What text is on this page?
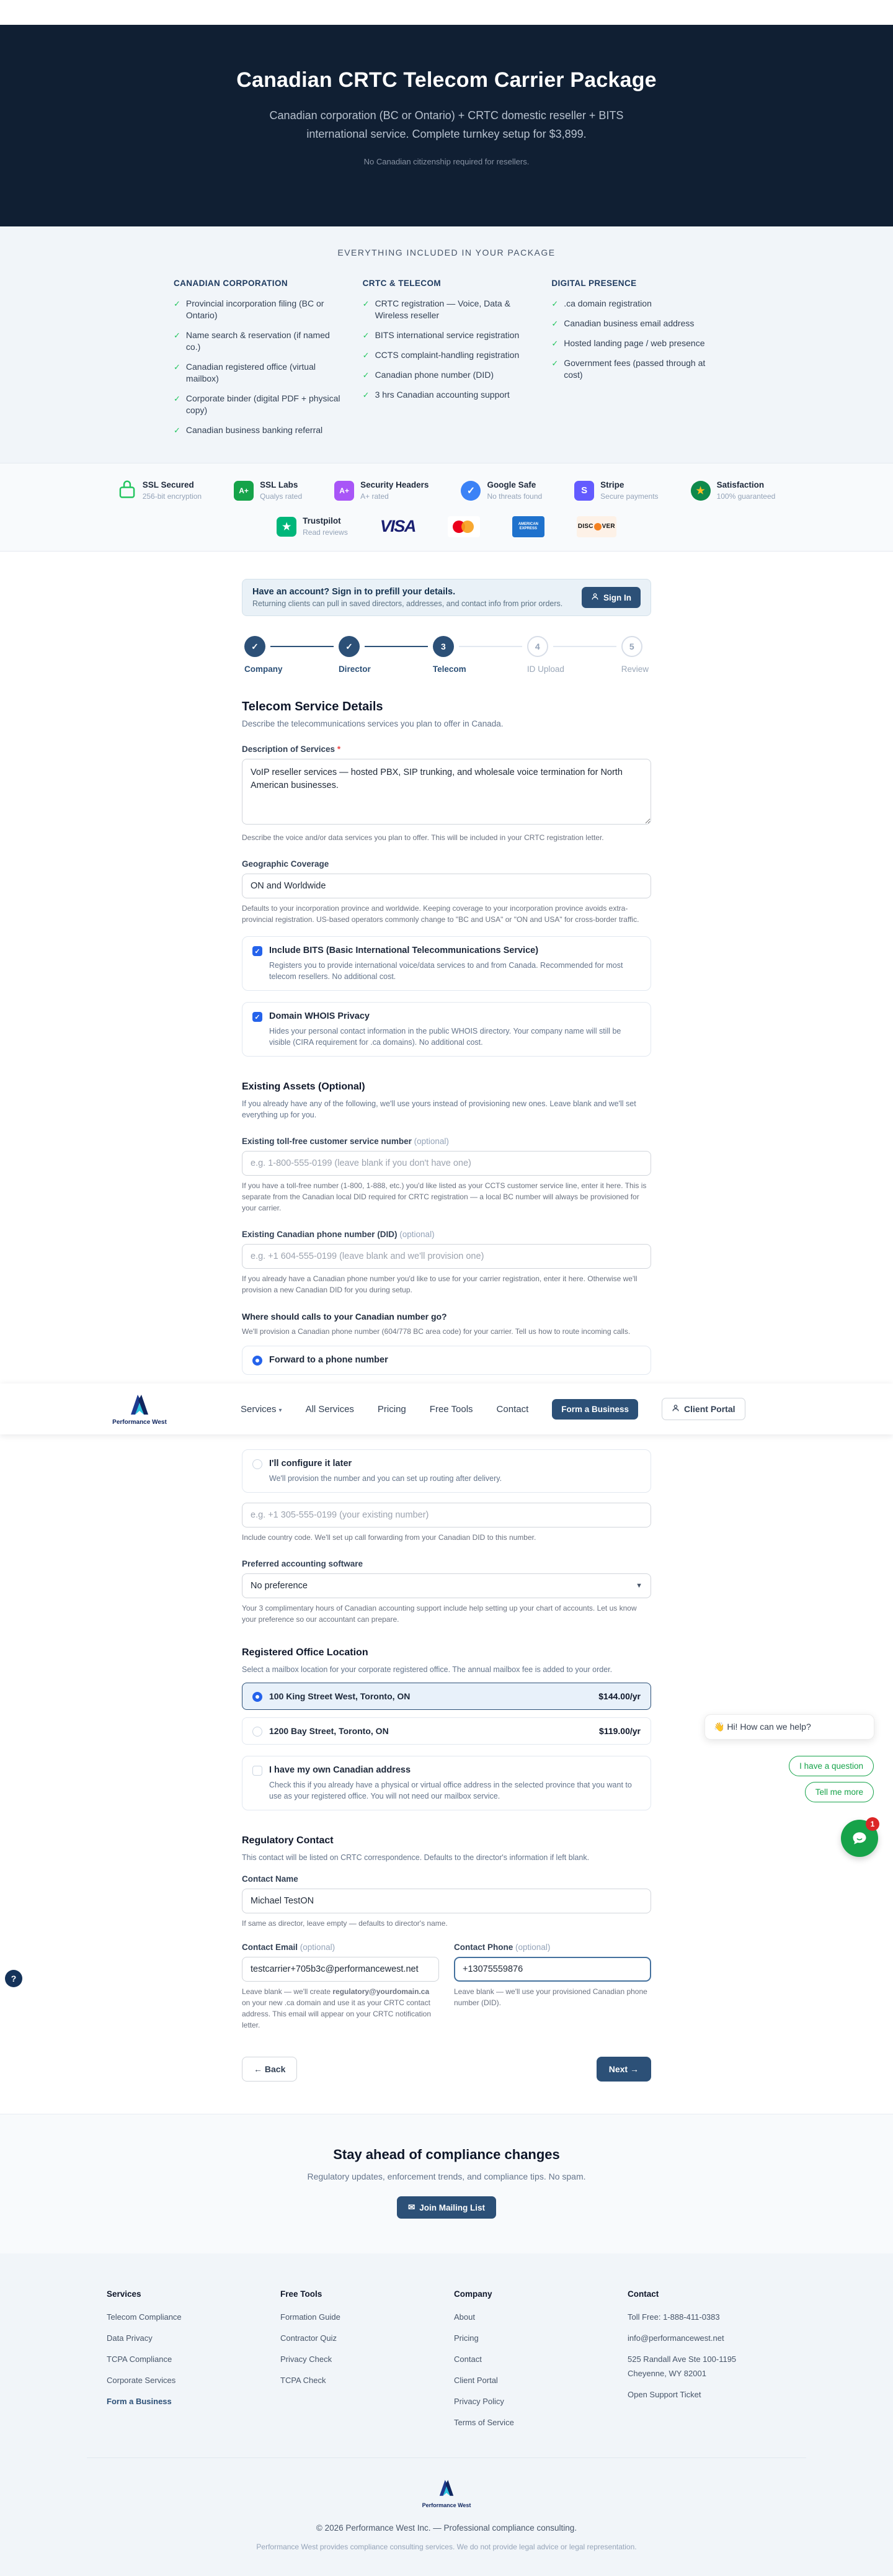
Canadian CRTC Telecom Carrier Package

Canadian corporation (BC or Ontario) + CRTC domestic reseller + BITS international service. Complete turnkey setup for $3,899.

No Canadian citizenship required for resellers.

EVERYTHING INCLUDED IN YOUR PACKAGE
CANADIAN CORPORATION
✓ Provincial incorporation filing (BC or Ontario)
✓ Name search & reservation (if named co.)
✓ Canadian registered office (virtual mailbox)
✓ Corporate binder (digital PDF + physical copy)
✓ Canadian business banking referral
CRTC & TELECOM
✓ CRTC registration — Voice, Data & Wireless reseller
✓ BITS international service registration
✓ CCTS complaint-handling registration
✓ Canadian phone number (DID)
✓ 3 hrs Canadian accounting support
DIGITAL PRESENCE
✓ .ca domain registration
✓ Canadian business email address
✓ Hosted landing page / web presence
✓ Government fees (passed through at cost)
SSL Secured
256-bit encryption
A+
SSL Labs
Qualys rated
A+
Security Headers
A+ rated
✓
Google Safe
No threats found
S
Stripe
Secure payments
★
Satisfaction
100% guaranteed
★
Trustpilot
Read reviews VISA	AMERICAN EXPRESS	DISC VER
Have an account? Sign in to prefill your details.
Returning clients can pull in saved directors, addresses, and contact info from prior orders.
Sign In
✓
Company
✓
Director
3
Telecom
4
ID Upload
5
Review
Telecom Service Details

Describe the telecommunications services you plan to offer in Canada.

Description of Services *
VoIP reseller services — hosted PBX, SIP trunking, and wholesale voice termination for North American businesses.
Describe the voice and/or data services you plan to offer. This will be included in your CRTC registration letter.
Geographic Coverage
ON and Worldwide
Defaults to your incorporation province and worldwide. Keeping coverage to your incorporation province avoids extra-provincial registration. US-based operators commonly change to "BC and USA" or "ON and USA" for cross-border traffic.
✓ Include BITS (Basic International Telecommunications Service)
Registers you to provide international voice/data services to and from Canada. Recommended for most telecom resellers. No additional cost.
✓ Domain WHOIS Privacy
Hides your personal contact information in the public WHOIS directory. Your company name will still be visible (CIRA requirement for .ca domains). No additional cost.
Existing Assets (Optional)

If you already have any of the following, we'll use yours instead of provisioning new ones. Leave blank and we'll set everything up for you.

Existing toll-free customer service number (optional)
e.g. 1-800-555-0199 (leave blank if you don't have one)
If you have a toll-free number (1-800, 1-888, etc.) you'd like listed as your CCTS customer service line, enter it here. This is separate from the Canadian local DID required for CRTC registration — a local BC number will always be provisioned for your carrier.
Existing Canadian phone number (DID) (optional)
e.g. +1 604-555-0199 (leave blank and we'll provision one)
If you already have a Canadian phone number you'd like to use for your carrier registration, enter it here. Otherwise we'll provision a new Canadian DID for you during setup.
Where should calls to your Canadian number go?
We'll provision a Canadian phone number (604/778 BC area code) for your carrier. Tell us how to route incoming calls.
Forward to a phone number
Performance West
Services ▾	All Services	Pricing	Free Tools	Contact	Form a Business	Client Portal
I'll configure it later
We'll provision the number and you can set up routing after delivery.
e.g. +1 305-555-0199 (your existing number)
Include country code. We'll set up call forwarding from your Canadian DID to this number.
Preferred accounting software
No preference	▼
Your 3 complimentary hours of Canadian accounting support include help setting up your chart of accounts. Let us know your preference so our accountant can prepare.
Registered Office Location

Select a mailbox location for your corporate registered office. The annual mailbox fee is added to your order.

100 King Street West, Toronto, ON	$144.00/yr
1200 Bay Street, Toronto, ON	$119.00/yr
I have my own Canadian address
Check this if you already have a physical or virtual office address in the selected province that you want to use as your registered office. You will not need our mailbox service.
Regulatory Contact

This contact will be listed on CRTC correspondence. Defaults to the director's information if left blank.

Contact Name
Michael TestON
If same as director, leave empty — defaults to director's name.
Contact Email (optional)
testcarrier+705b3c@performancewest.net
Leave blank — we'll create regulatory@yourdomain.ca on your new .ca domain and use it as your CRTC contact address. This email will appear on your CRTC notification letter.
Contact Phone (optional)
+13075559876
Leave blank — we'll use your provisioned Canadian phone number (DID).
← Back	Next →
Stay ahead of compliance changes

Regulatory updates, enforcement trends, and compliance tips. No spam.

✉ Join Mailing List
Services
Telecom Compliance
Data Privacy
TCPA Compliance
Corporate Services
Form a Business
Free Tools
Formation Guide
Contractor Quiz
Privacy Check
TCPA Check
Company
About
Pricing
Contact
Client Portal
Privacy Policy
Terms of Service
Contact
Toll Free: 1-888-411-0383
info@performancewest.net
525 Randall Ave Ste 100-1195
Cheyenne, WY 82001
Open Support Ticket
Performance West
© 2026 Performance West Inc. — Professional compliance consulting.
Performance West provides compliance consulting services. We do not provide legal advice or legal representation.
👋 Hi! How can we help?
I have a question
Tell me more
1
?
